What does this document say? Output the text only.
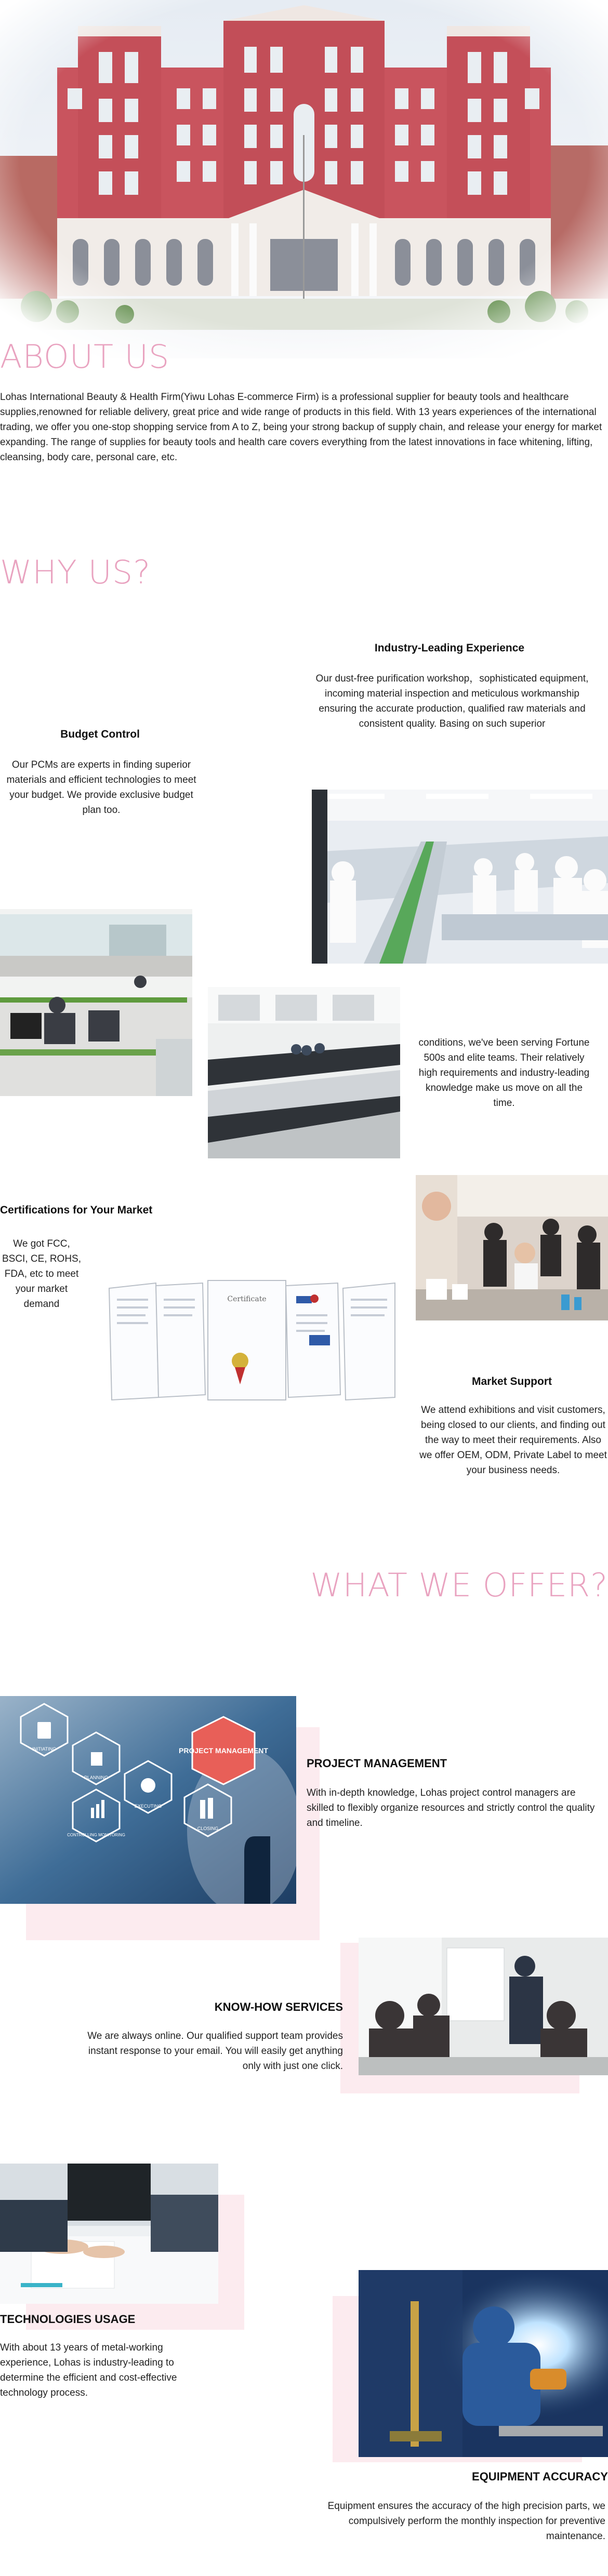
ABOUT US

Lohas International Beauty & Health Firm(Yiwu Lohas E-commerce Firm) is a professional supplier for beauty tools and healthcare supplies,renowned for reliable delivery, great price and wide range of products in this field. With 13 years experiences of the international trading, we offer you one-stop shopping service from A to Z, being your strong backup of supply chain, and release your energy for market expanding. The range of supplies for beauty tools and health care covers everything from the latest innovations in face whitening, lifting, cleansing, body care, personal care, etc.

WHY US?
Industry-Leading Experience

Our dust-free purification workshop，sophisticated equipment, incoming material inspection and meticulous workmanship ensuring the accurate production, qualified raw materials and consistent quality. Basing on such superior

Budget Control

Our PCMs are experts in finding superior materials and efficient technologies to meet your budget. We provide exclusive budget plan too.

conditions, we've been serving Fortune 500s and elite teams. Their relatively high requirements and industry-leading knowledge make us move on all the time.

Certifications for Your Market

We got FCC, BSCI, CE, ROHS, FDA, etc to meet your market demand	Certificate
Market Support

We attend exhibitions and visit customers, being closed to our clients, and finding out the way to meet their requirements. Also we offer OEM, ODM, Private Label to meet your business needs.

WHAT WE OFFER?
PROJECT MANAGEMENT
INITIATING
PLANNING
EXECUTING
CONTROLLING MONITORING
CLOSING
PROJECT MANAGEMENT

With in-depth knowledge, Lohas project control managers are skilled to flexibly organize resources and strictly control the quality and timeline.

KNOW-HOW SERVICES

We are always online. Our qualified support team provides instant response to your email. You will easily get anything only with just one click.

TECHNOLOGIES USAGE

With about 13 years of metal-working experience, Lohas is industry-leading to determine the efficient and cost-effective technology process.

EQUIPMENT ACCURACY

Equipment ensures the accuracy of the high precision parts, we compulsively perform the monthly inspection for preventive maintenance.
